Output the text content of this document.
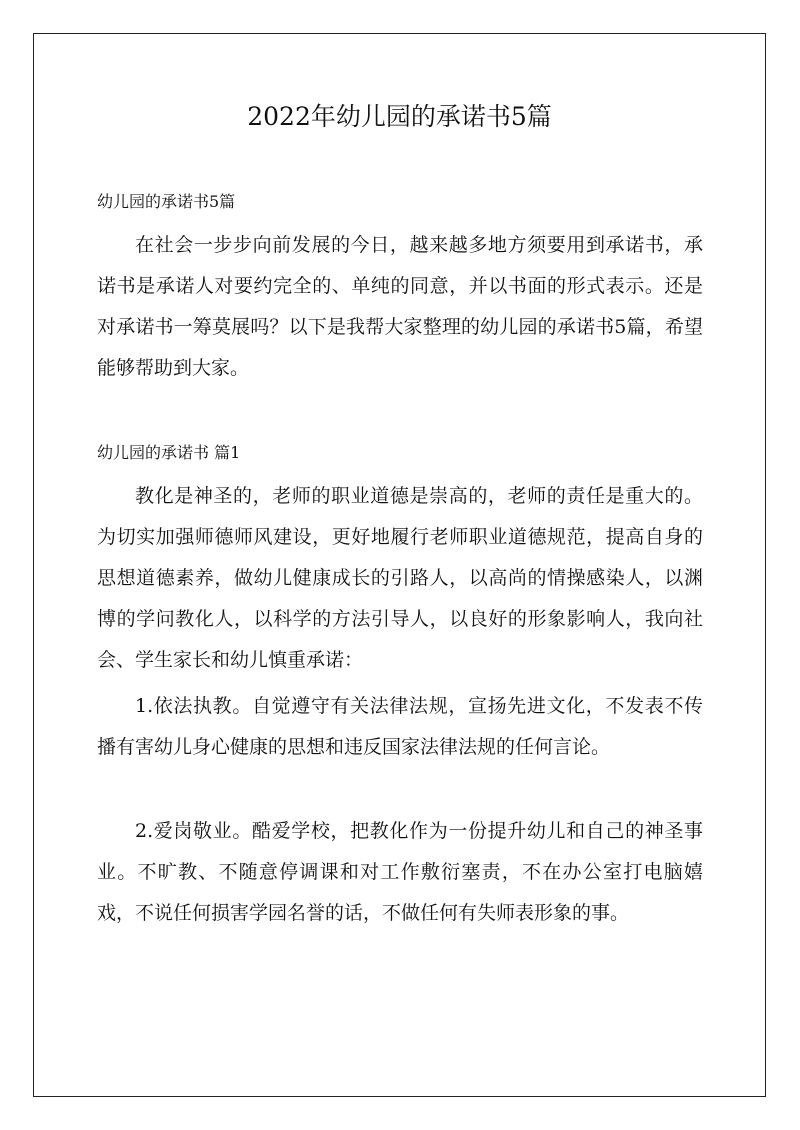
2022年幼儿园的承诺书5篇

幼儿园的承诺书5篇

在社会一步步向前发展的今日，越来越多地方须要用到承诺书，承诺书是承诺人对要约完全的、单纯的同意，并以书面的形式表示。还是对承诺书一筹莫展吗？以下是我帮大家整理的幼儿园的承诺书5篇，希望能够帮助到大家。

幼儿园的承诺书 篇1

教化是神圣的，老师的职业道德是崇高的，老师的责任是重大的。为切实加强师德师风建设，更好地履行老师职业道德规范，提高自身的思想道德素养，做幼儿健康成长的引路人，以高尚的情操感染人，以渊博的学问教化人，以科学的方法引导人，以良好的形象影响人，我向社会、学生家长和幼儿慎重承诺：

1.依法执教。自觉遵守有关法律法规，宣扬先进文化，不发表不传播有害幼儿身心健康的思想和违反国家法律法规的任何言论。

2.爱岗敬业。酷爱学校，把教化作为一份提升幼儿和自己的神圣事业。不旷教、不随意停调课和对工作敷衍塞责，不在办公室打电脑嬉戏，不说任何损害学园名誉的话，不做任何有失师表形象的事。
